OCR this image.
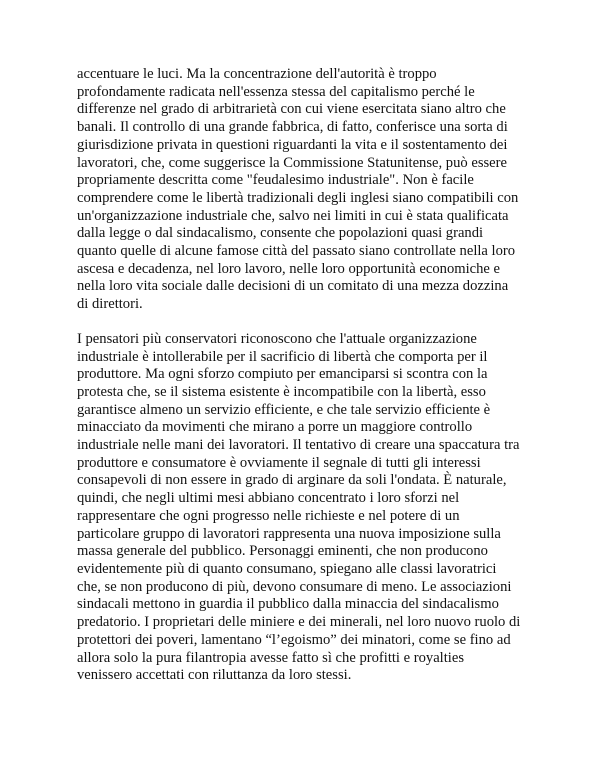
accentuare le luci. Ma la concentrazione dell'autorità è troppo
profondamente radicata nell'essenza stessa del capitalismo perché le
differenze nel grado di arbitrarietà con cui viene esercitata siano altro che
banali. Il controllo di una grande fabbrica, di fatto, conferisce una sorta di
giurisdizione privata in questioni riguardanti la vita e il sostentamento dei
lavoratori, che, come suggerisce la Commissione Statunitense, può essere
propriamente descritta come "feudalesimo industriale". Non è facile
comprendere come le libertà tradizionali degli inglesi siano compatibili con
un'organizzazione industriale che, salvo nei limiti in cui è stata qualificata
dalla legge o dal sindacalismo, consente che popolazioni quasi grandi
quanto quelle di alcune famose città del passato siano controllate nella loro
ascesa e decadenza, nel loro lavoro, nelle loro opportunità economiche e
nella loro vita sociale dalle decisioni di un comitato di una mezza dozzina
di direttori.

I pensatori più conservatori riconoscono che l'attuale organizzazione
industriale è intollerabile per il sacrificio di libertà che comporta per il
produttore. Ma ogni sforzo compiuto per emanciparsi si scontra con la
protesta che, se il sistema esistente è incompatibile con la libertà, esso
garantisce almeno un servizio efficiente, e che tale servizio efficiente è
minacciato da movimenti che mirano a porre un maggiore controllo
industriale nelle mani dei lavoratori. Il tentativo di creare una spaccatura tra
produttore e consumatore è ovviamente il segnale di tutti gli interessi
consapevoli di non essere in grado di arginare da soli l'ondata. È naturale,
quindi, che negli ultimi mesi abbiano concentrato i loro sforzi nel
rappresentare che ogni progresso nelle richieste e nel potere di un
particolare gruppo di lavoratori rappresenta una nuova imposizione sulla
massa generale del pubblico. Personaggi eminenti, che non producono
evidentemente più di quanto consumano, spiegano alle classi lavoratrici
che, se non producono di più, devono consumare di meno. Le associazioni
sindacali mettono in guardia il pubblico dalla minaccia del sindacalismo
predatorio. I proprietari delle miniere e dei minerali, nel loro nuovo ruolo di
protettori dei poveri, lamentano “l’egoismo” dei minatori, come se fino ad
allora solo la pura filantropia avesse fatto sì che profitti e royalties
venissero accettati con riluttanza da loro stessi.
